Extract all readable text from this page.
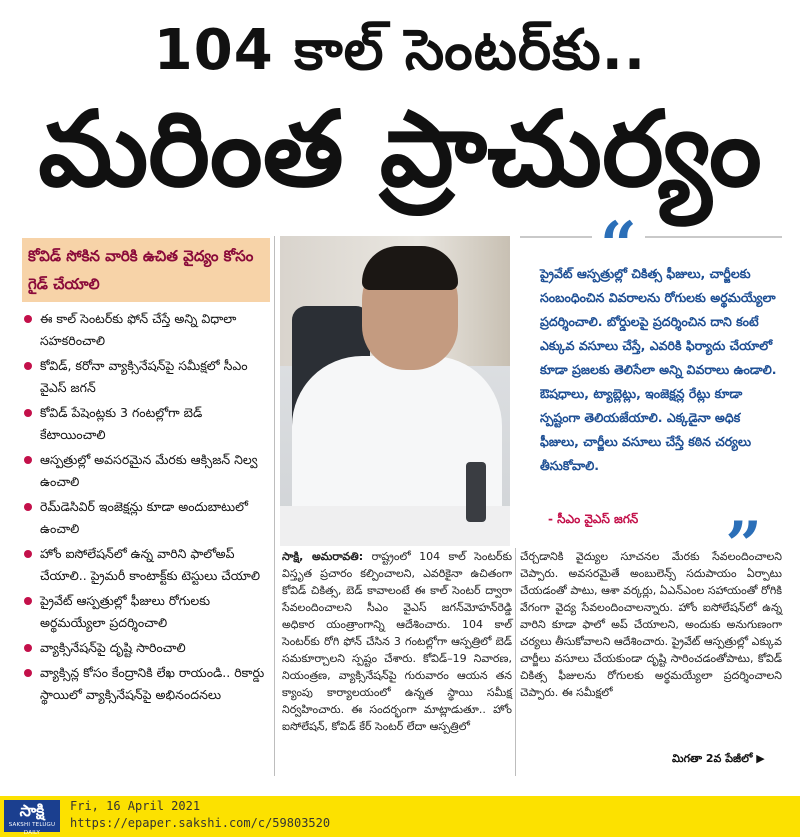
104 కాల్ సెంటర్‌కు..
మరింత ప్రాచుర్యం
కోవిడ్ సోకిన వారికి ఉచిత వైద్యం కోసం గైడ్ చేయాలి
ఈ కాల్ సెంటర్‌కు ఫోన్ చేస్తే అన్ని విధాలా సహకరించాలి
కోవిడ్, కరోనా వ్యాక్సినేషన్‌పై సమీక్షలో సీఎం వైఎస్ జగన్
కోవిడ్ పేషెంట్లకు 3 గంటల్లోగా బెడ్ కేటాయించాలి
ఆస్పత్రుల్లో అవసరమైన మేరకు ఆక్సిజన్ నిల్వ ఉంచాలి
రెమ్‌డెసివిర్ ఇంజెక్షన్లు కూడా అందుబాటులో ఉంచాలి
హోం ఐసోలేషన్‌లో ఉన్న వారిని ఫాలోఅప్ చేయాలి.. ప్రైమరీ కాంటాక్ట్‌కు టెస్టులు చేయాలి
ప్రైవేట్ ఆస్పత్రుల్లో ఫీజులు రోగులకు అర్థమయ్యేలా ప్రదర్శించాలి
వ్యాక్సినేషన్‌పై దృష్టి సారించాలి
వ్యాక్సిన్ల కోసం కేంద్రానికి లేఖ రాయండి.. రికార్డు స్థాయిలో వ్యాక్సినేషన్‌పై అభినందనలు
“
ప్రైవేట్ ఆస్పత్రుల్లో చికిత్స ఫీజులు, చార్జీలకు సంబంధించిన వివరాలను రోగులకు అర్థమయ్యేలా ప్రదర్శించాలి. బోర్డులపై ప్రదర్శించిన దాని కంటే ఎక్కువ వసూలు చేస్తే, ఎవరికి ఫిర్యాదు చేయాలో కూడా ప్రజలకు తెలిసేలా అన్ని వివరాలు ఉండాలి. ఔషధాలు, ట్యాబ్లెట్లు, ఇంజెక్షన్ల రేట్లు కూడా స్పష్టంగా తెలియజేయాలి. ఎక్కడైనా అధిక ఫీజులు, చార్జీలు వసూలు చేస్తే కఠిన చర్యలు తీసుకోవాలి.
- సీఎం వైఎస్ జగన్ ”
సాక్షి, అమరావతి: రాష్ట్రంలో 104 కాల్ సెంటర్‌కు విస్తృత ప్రచారం కల్పించాలని, ఎవరికైనా ఉచితంగా కోవిడ్ చికిత్స, బెడ్ కావాలంటే ఈ కాల్ సెంటర్ ద్వారా సేవలందించాలని సీఎం వైఎస్ జగన్‌మోహన్‌రెడ్డి అధికార యంత్రాంగాన్ని ఆదేశించారు. 104 కాల్ సెంటర్‌కు రోగి ఫోన్ చేసిన 3 గంటల్లోగా ఆస్పత్రిలో బెడ్ సమకూర్చాలని స్పష్టం చేశారు. కోవిడ్–19 నివారణ, నియంత్రణ, వ్యాక్సినేషన్‌పై గురువారం ఆయన తన క్యాంపు కార్యాలయంలో ఉన్నత స్థాయి సమీక్ష నిర్వహించారు. ఈ సందర్భంగా మాట్లాడుతూ.. హోం ఐసోలేషన్, కోవిడ్ కేర్ సెంటర్ లేదా ఆస్పత్రిలో
చేర్చడానికి వైద్యుల సూచనల మేరకు సేవలందించాలని చెప్పారు. అవసరమైతే అంబులెన్స్ సదుపాయం ఏర్పాటు చేయడంతో పాటు, ఆశా వర్కర్లు, ఏఎన్‌ఎంల సహాయంతో రోగికి వేగంగా వైద్య సేవలందించాలన్నారు. హోం ఐసోలేషన్‌లో ఉన్న వారిని కూడా ఫాలో అప్ చేయాలని, అందుకు అనుగుణంగా చర్యలు తీసుకోవాలని ఆదేశించారు. ప్రైవేట్ ఆస్పత్రుల్లో ఎక్కువ చార్జీలు వసూలు చేయకుండా దృష్టి సారించడంతోపాటు, కోవిడ్ చికిత్స ఫీజులను రోగులకు అర్థమయ్యేలా ప్రదర్శించాలని చెప్పారు. ఈ సమీక్షలో
మిగతా 2వ పేజీలో ▶
సాక్షి
SAKSHI TELUGU DAILY
Fri, 16 April 2021
https://epaper.sakshi.com/c/59803520
